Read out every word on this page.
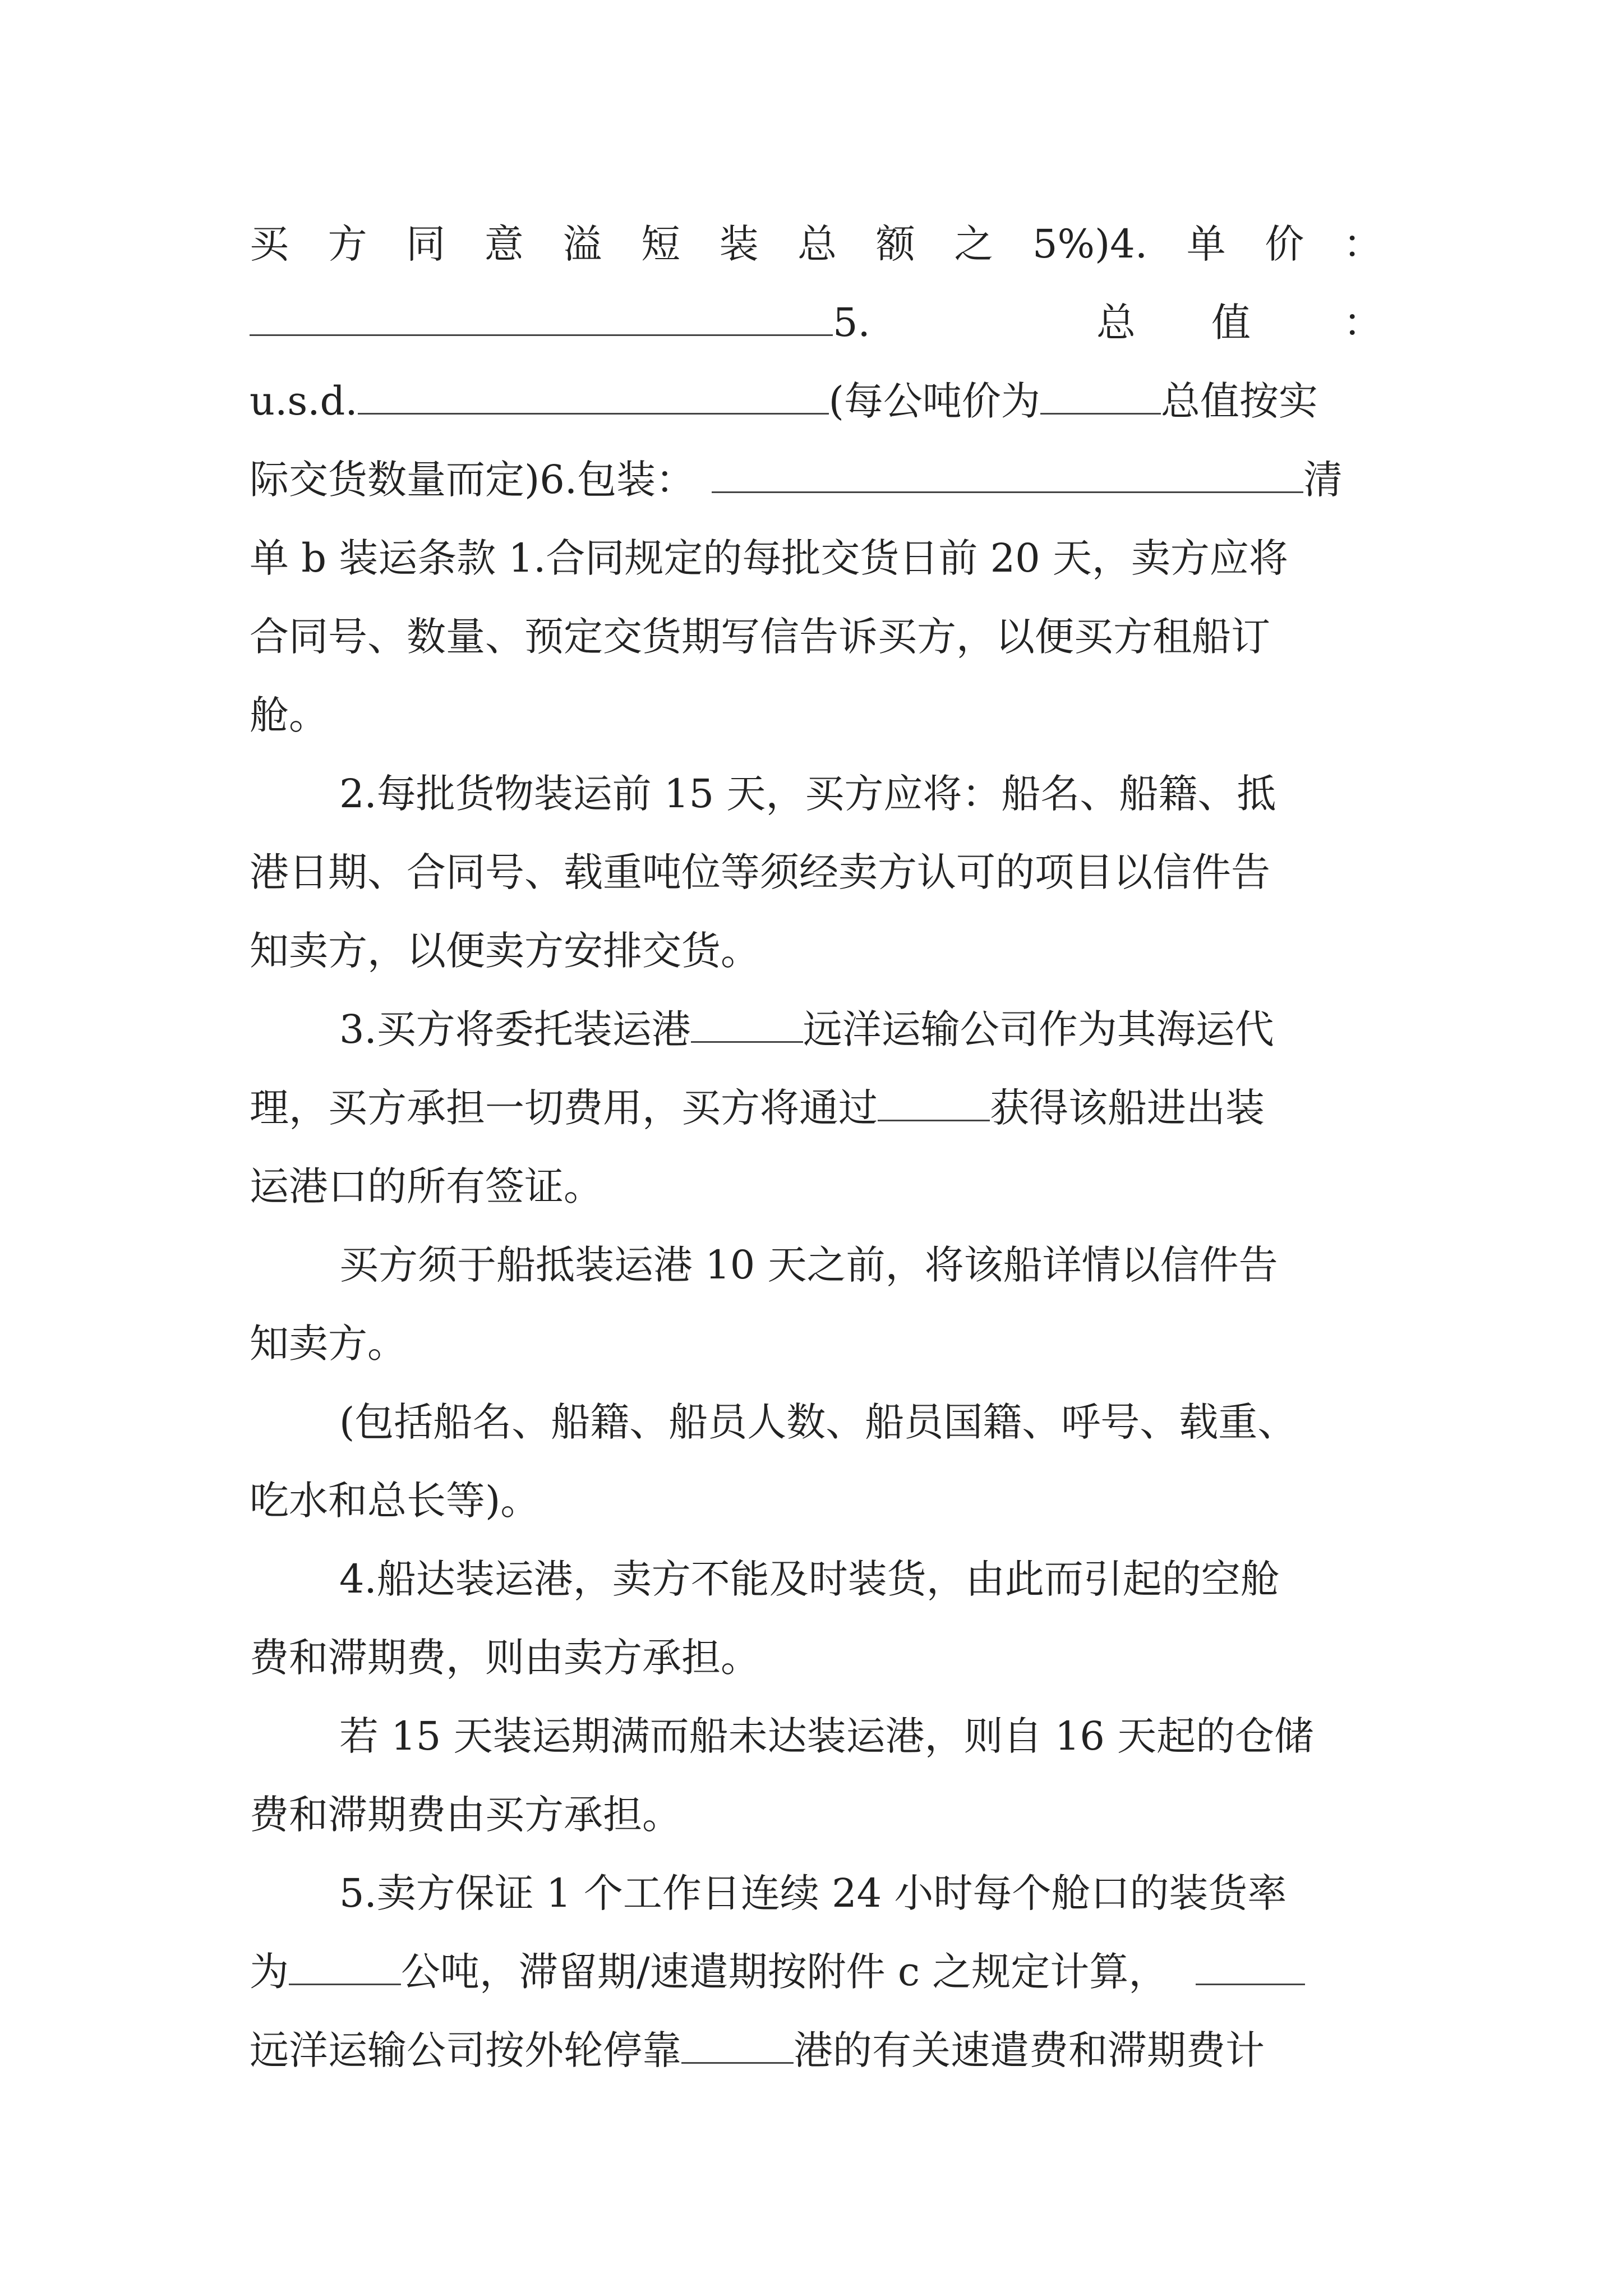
买 方 同 意 溢 短 装 总 额 之 5%)4. 单 价 ：
5.	总 值 ：
u.s.d.	(每公吨价为	总值按实
际交货数量而定)6.包装：	清
单 b 装运条款 1.合同规定的每批交货日前 20 天，卖方应将
合同号、数量、预定交货期写信告诉买方，以便买方租船订
舱。
2.每批货物装运前 15 天，买方应将：船名、船籍、抵
港日期、合同号、载重吨位等须经卖方认可的项目以信件告
知卖方，以便卖方安排交货。
3.买方将委托装运港	远洋运输公司作为其海运代
理，买方承担一切费用，买方将通过	获得该船进出装
运港口的所有签证。
买方须于船抵装运港 10 天之前，将该船详情以信件告
知卖方。
(包括船名、船籍、船员人数、船员国籍、呼号、载重、
吃水和总长等)。
4.船达装运港，卖方不能及时装货，由此而引起的空舱
费和滞期费，则由卖方承担。
若 15 天装运期满而船未达装运港，则自 16 天起的仓储
费和滞期费由买方承担。
5.卖方保证 1 个工作日连续 24 小时每个舱口的装货率
为	公吨，滞留期/速遣期按附件 c 之规定计算，
远洋运输公司按外轮停靠	港的有关速遣费和滞期费计
